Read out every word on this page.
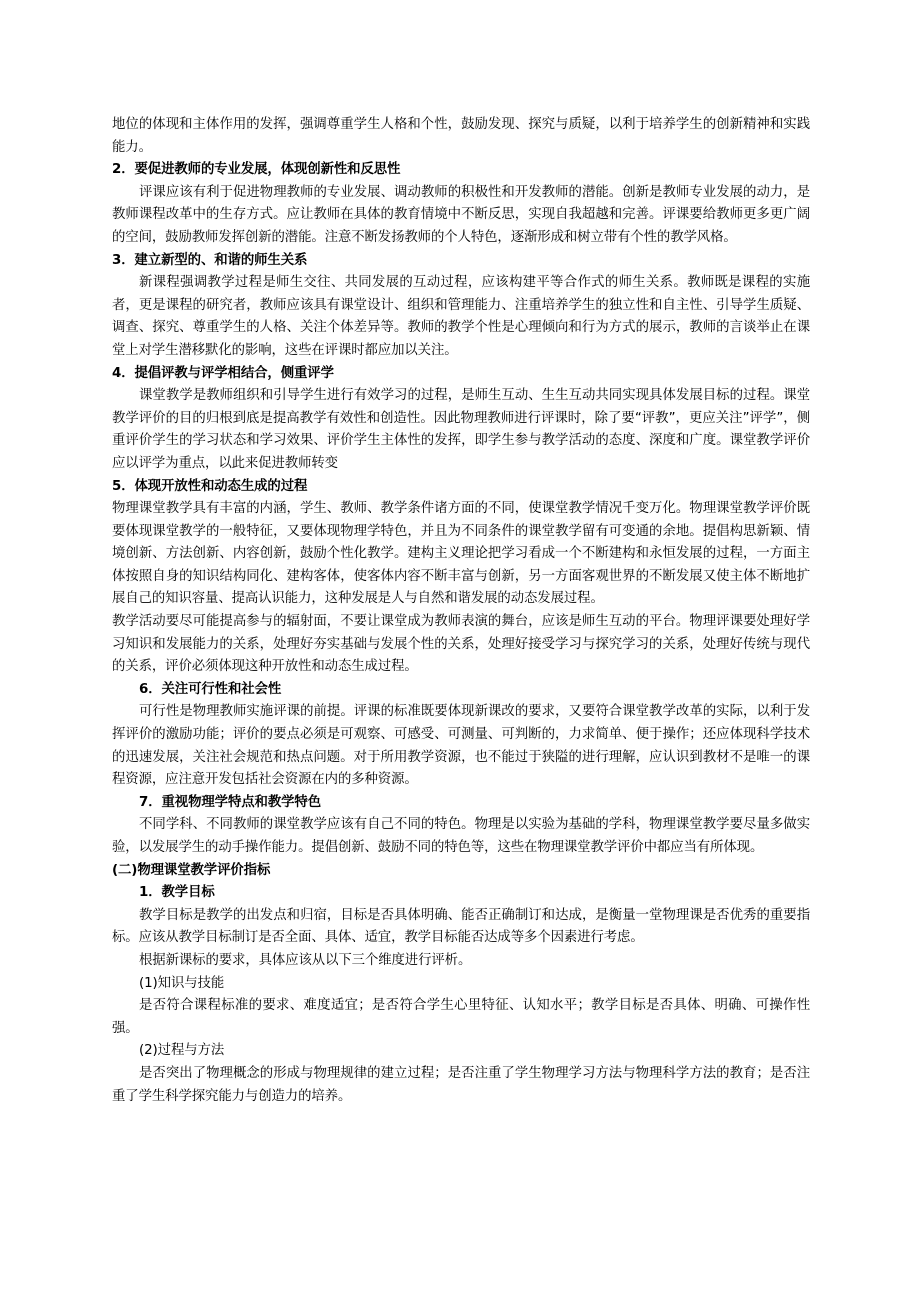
地位的体现和主体作用的发挥，强调尊重学生人格和个性，鼓励发现、探究与质疑，以利于培养学生的创新精神和实践能力。

2．要促进教师的专业发展，体现创新性和反思性

评课应该有利于促进物理教师的专业发展、调动教师的积极性和开发教师的潜能。创新是教师专业发展的动力，是教师课程改革中的生存方式。应让教师在具体的教育情境中不断反思，实现自我超越和完善。评课要给教师更多更广阔的空间，鼓励教师发挥创新的潜能。注意不断发扬教师的个人特色，逐渐形成和树立带有个性的教学风格。

3．建立新型的、和谐的师生关系

新课程强调教学过程是师生交往、共同发展的互动过程，应该构建平等合作式的师生关系。教师既是课程的实施者，更是课程的研究者，教师应该具有课堂设计、组织和管理能力、注重培养学生的独立性和自主性、引导学生质疑、调查、探究、尊重学生的人格、关注个体差异等。教师的教学个性是心理倾向和行为方式的展示，教师的言谈举止在课堂上对学生潜移默化的影响，这些在评课时都应加以关注。

4．提倡评教与评学相结合，侧重评学

课堂教学是教师组织和引导学生进行有效学习的过程，是师生互动、生生互动共同实现具体发展目标的过程。课堂教学评价的目的归根到底是提高教学有效性和创造性。因此物理教师进行评课时，除了要“评教”，更应关注”评学”，侧重评价学生的学习状态和学习效果、评价学生主体性的发挥，即学生参与教学活动的态度、深度和广度。课堂教学评价应以评学为重点，以此来促进教师转变

5．体现开放性和动态生成的过程

物理课堂教学具有丰富的内涵，学生、教师、教学条件诸方面的不同，使课堂教学情况千变万化。物理课堂教学评价既要体现课堂教学的一般特征，又要体现物理学特色，并且为不同条件的课堂教学留有可变通的余地。提倡构思新颖、情境创新、方法创新、内容创新，鼓励个性化教学。建构主义理论把学习看成一个不断建构和永恒发展的过程，一方面主体按照自身的知识结构同化、建构客体，使客体内容不断丰富与创新，另一方面客观世界的不断发展又使主体不断地扩展自己的知识容量、提高认识能力，这种发展是人与自然和谐发展的动态发展过程。

教学活动要尽可能提高参与的辐射面，不要让课堂成为教师表演的舞台，应该是师生互动的平台。物理评课要处理好学习知识和发展能力的关系，处理好夯实基础与发展个性的关系，处理好接受学习与探究学习的关系，处理好传统与现代的关系，评价必须体现这种开放性和动态生成过程。

6．关注可行性和社会性

可行性是物理教师实施评课的前提。评课的标准既要体现新课改的要求，又要符合课堂教学改革的实际，以利于发挥评价的激励功能；评价的要点必须是可观察、可感受、可测量、可判断的，力求简单、便于操作；还应体现科学技术的迅速发展，关注社会规范和热点问题。对于所用教学资源，也不能过于狭隘的进行理解，应认识到教材不是唯一的课程资源，应注意开发包括社会资源在内的多种资源。

7．重视物理学特点和教学特色

不同学科、不同教师的课堂教学应该有自己不同的特色。物理是以实验为基础的学科，物理课堂教学要尽量多做实验，以发展学生的动手操作能力。提倡创新、鼓励不同的特色等，这些在物理课堂教学评价中都应当有所体现。

(二)物理课堂教学评价指标

1．教学目标

教学目标是教学的出发点和归宿，目标是否具体明确、能否正确制订和达成，是衡量一堂物理课是否优秀的重要指标。应该从教学目标制订是否全面、具体、适宜，教学目标能否达成等多个因素进行考虑。

根据新课标的要求，具体应该从以下三个维度进行评析。

(1)知识与技能

是否符合课程标准的要求、难度适宜；是否符合学生心里特征、认知水平；教学目标是否具体、明确、可操作性强。

(2)过程与方法

是否突出了物理概念的形成与物理规律的建立过程；是否注重了学生物理学习方法与物理科学方法的教育；是否注重了学生科学探究能力与创造力的培养。
